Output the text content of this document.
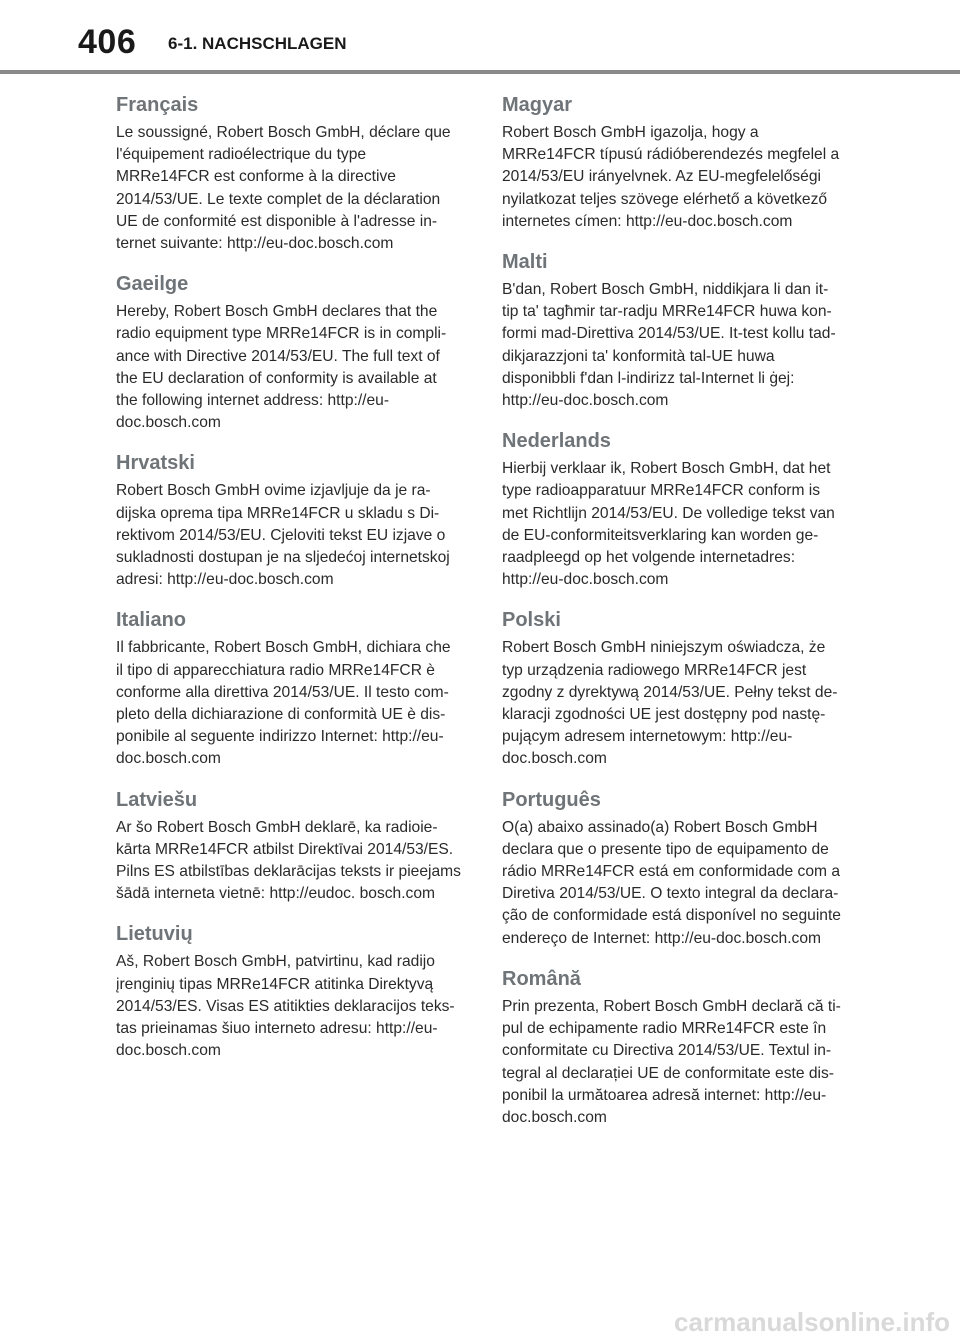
406 6-1. NACHSCHLAGEN
Français

Le soussigné, Robert Bosch GmbH, déclare que
l'équipement radioélectrique du type
MRRe14FCR est conforme à la directive
2014/53/UE. Le texte complet de la déclaration
UE de conformité est disponible à l'adresse in-
ternet suivante: http://eu-doc.bosch.com

Gaeilge

Hereby, Robert Bosch GmbH declares that the
radio equipment type MRRe14FCR is in compli-
ance with Directive 2014/53/EU. The full text of
the EU declaration of conformity is available at
the following internet address: http://eu-
doc.bosch.com

Hrvatski

Robert Bosch GmbH ovime izjavljuje da je ra-
dijska oprema tipa MRRe14FCR u skladu s Di-
rektivom 2014/53/EU. Cjeloviti tekst EU izjave o
sukladnosti dostupan je na sljedećoj internetskoj
adresi: http://eu-doc.bosch.com

Italiano

Il fabbricante, Robert Bosch GmbH, dichiara che
il tipo di apparecchiatura radio MRRe14FCR è
conforme alla direttiva 2014/53/UE. Il testo com-
pleto della dichiarazione di conformità UE è dis-
ponibile al seguente indirizzo Internet: http://eu-
doc.bosch.com

Latviešu

Ar šo Robert Bosch GmbH deklarē, ka radioie-
kārta MRRe14FCR atbilst Direktīvai 2014/53/ES.
Pilns ES atbilstības deklarācijas teksts ir pieejams
šādā interneta vietnē: http://eudoc. bosch.com

Lietuvių

Aš, Robert Bosch GmbH, patvirtinu, kad radijo
įrenginių tipas MRRe14FCR atitinka Direktyvą
2014/53/ES. Visas ES atitikties deklaracijos teks-
tas prieinamas šiuo interneto adresu: http://eu-
doc.bosch.com

Magyar

Robert Bosch GmbH igazolja, hogy a
MRRe14FCR típusú rádióberendezés megfelel a
2014/53/EU irányelvnek. Az EU-megfelelőségi
nyilatkozat teljes szövege elérhető a következő
internetes címen: http://eu-doc.bosch.com

Malti

B'dan, Robert Bosch GmbH, niddikjara li dan it-
tip ta' tagħmir tar-radju MRRe14FCR huwa kon-
formi mad-Direttiva 2014/53/UE. It-test kollu tad-
dikjarazzjoni ta' konformità tal-UE huwa
disponibbli f'dan l-indirizz tal-Internet li ġej:
http://eu-doc.bosch.com

Nederlands

Hierbij verklaar ik, Robert Bosch GmbH, dat het
type radioapparatuur MRRe14FCR conform is
met Richtlijn 2014/53/EU. De volledige tekst van
de EU-conformiteitsverklaring kan worden ge-
raadpleegd op het volgende internetadres:
http://eu-doc.bosch.com

Polski

Robert Bosch GmbH niniejszym oświadcza, że
typ urządzenia radiowego MRRe14FCR jest
zgodny z dyrektywą 2014/53/UE. Pełny tekst de-
klaracji zgodności UE jest dostępny pod nastę-
pującym adresem internetowym: http://eu-
doc.bosch.com

Português

O(a) abaixo assinado(a) Robert Bosch GmbH
declara que o presente tipo de equipamento de
rádio MRRe14FCR está em conformidade com a
Diretiva 2014/53/UE. O texto integral da declara-
ção de conformidade está disponível no seguinte
endereço de Internet: http://eu-doc.bosch.com

Română

Prin prezenta, Robert Bosch GmbH declară că ti-
pul de echipamente radio MRRe14FCR este în
conformitate cu Directiva 2014/53/UE. Textul in-
tegral al declarației UE de conformitate este dis-
ponibil la următoarea adresă internet: http://eu-
doc.bosch.com

carmanualsonline.info
